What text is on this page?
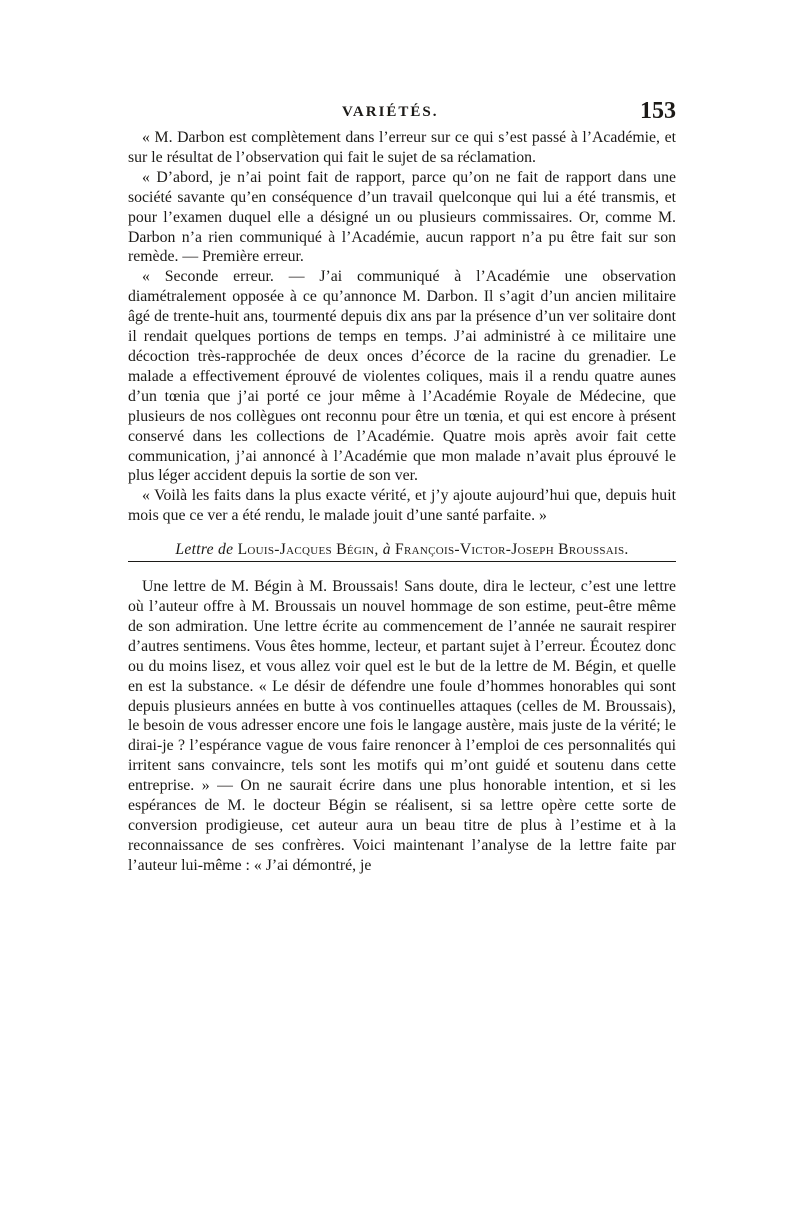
VARIÉTÉS.	153

« M. Darbon est complètement dans l’erreur sur ce qui s’est passé à l’Académie, et sur le résultat de l’observation qui fait le sujet de sa réclamation.

« D’abord, je n’ai point fait de rapport, parce qu’on ne fait de rapport dans une société savante qu’en conséquence d’un travail quelconque qui lui a été transmis, et pour l’examen duquel elle a désigné un ou plusieurs commissaires. Or, comme M. Darbon n’a rien communiqué à l’Académie, aucun rapport n’a pu être fait sur son remède. — Première erreur.

« Seconde erreur. — J’ai communiqué à l’Académie une observation diamétralement opposée à ce qu’annonce M. Darbon. Il s’agit d’un ancien militaire âgé de trente-huit ans, tourmenté depuis dix ans par la présence d’un ver solitaire dont il rendait quelques portions de temps en temps. J’ai administré à ce militaire une décoction très-rapprochée de deux onces d’écorce de la racine du grenadier. Le malade a effectivement éprouvé de violentes coliques, mais il a rendu quatre aunes d’un tœnia que j’ai porté ce jour même à l’Académie Royale de Médecine, que plusieurs de nos collègues ont reconnu pour être un tœnia, et qui est encore à présent conservé dans les collections de l’Académie. Quatre mois après avoir fait cette communication, j’ai annoncé à l’Académie que mon malade n’avait plus éprouvé le plus léger accident depuis la sortie de son ver.

« Voilà les faits dans la plus exacte vérité, et j’y ajoute aujourd’hui que, depuis huit mois que ce ver a été rendu, le malade jouit d’une santé parfaite. »

Lettre de Louis-Jacques Bégin, à François-Victor-Joseph Broussais.

Une lettre de M. Bégin à M. Broussais! Sans doute, dira le lecteur, c’est une lettre où l’auteur offre à M. Broussais un nouvel hommage de son estime, peut-être même de son admiration. Une lettre écrite au commencement de l’année ne saurait respirer d’autres sentimens. Vous êtes homme, lecteur, et partant sujet à l’erreur. Écoutez donc ou du moins lisez, et vous allez voir quel est le but de la lettre de M. Bégin, et quelle en est la substance. « Le désir de défendre une foule d’hommes honorables qui sont depuis plusieurs années en butte à vos continuelles attaques (celles de M. Broussais), le besoin de vous adresser encore une fois le langage austère, mais juste de la vérité; le dirai-je ? l’espérance vague de vous faire renoncer à l’emploi de ces personnalités qui irritent sans convaincre, tels sont les motifs qui m’ont guidé et soutenu dans cette entreprise. » — On ne saurait écrire dans une plus honorable intention, et si les espérances de M. le docteur Bégin se réalisent, si sa lettre opère cette sorte de conversion prodigieuse, cet auteur aura un beau titre de plus à l’estime et à la reconnaissance de ses confrères. Voici maintenant l’analyse de la lettre faite par l’auteur lui-même : « J’ai démontré, je
